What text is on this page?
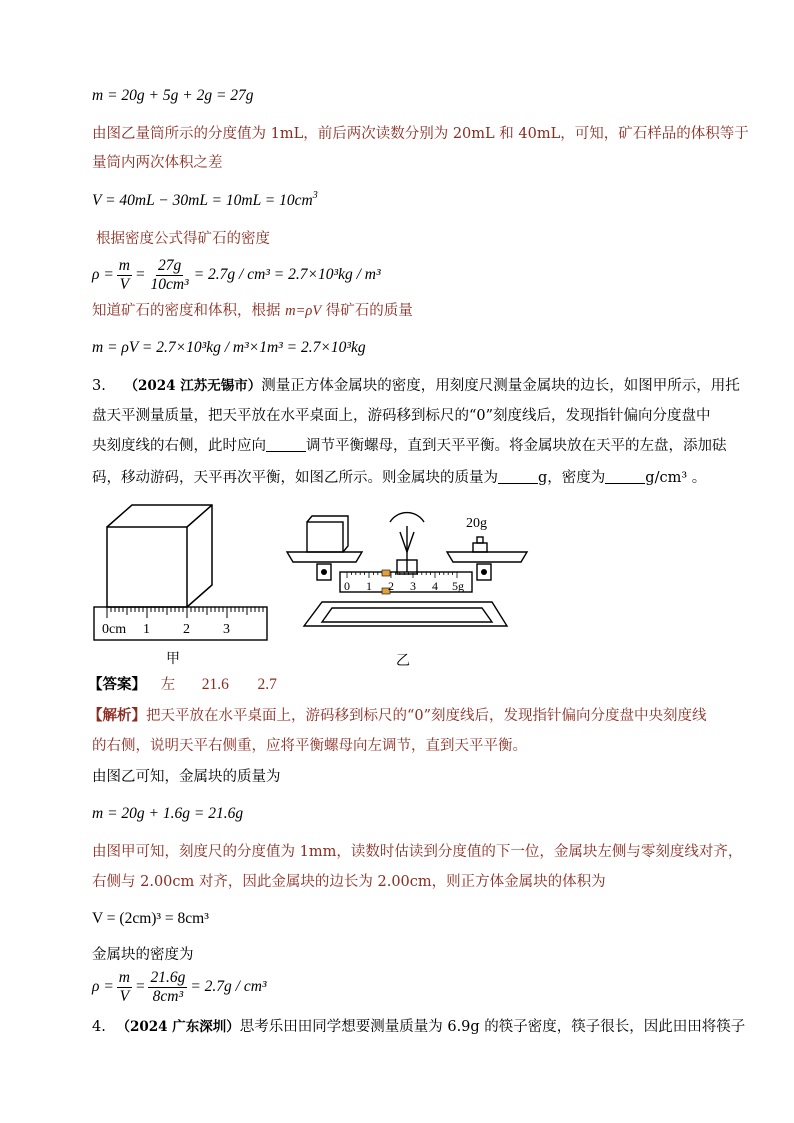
m = 20g + 5g + 2g = 27g
由图乙量筒所示的分度值为 1mL，前后两次读数分别为 20mL 和 40mL，可知，矿石样品的体积等于
量筒内两次体积之差
$V = 40mL - 30mL = 10mL = 10cm^3$
根据密度公式得矿石的密度
$\rho = \frac{m}{V} = \frac{27g}{\text{10cm³}} = 2.7g / cm^3 = 2.7\times 10^3kg / m^3$
知道矿石的密度和体积，根据 m=ρV 得矿石的质量
m = ρV = 2.7×10³kg / m³×1m³ = 2.7×10³kg
3. （2024 江苏无锡市）测量正方体金属块的密度，用刻度尺测量金属块的边长，如图甲所示，用托
盘天平测量质量，把天平放在水平桌面上，游码移到标尺的“0”刻度线后，发现指针偏向分度盘中
央刻度线的右侧，此时应向	调节平衡螺母，直到天平平衡。将金属块放在天平的左盘，添加砝
码，移动游码，天平再次平衡，如图乙所示。则金属块的质量为	g，密度为	g/cm³ 。
0cm 1 2 3
甲
0 1 2 3 4 5g
20g
乙
【答案】 左 21.6 2.7
【解析】把天平放在水平桌面上，游码移到标尺的“0”刻度线后，发现指针偏向分度盘中央刻度线
的右侧，说明天平右侧重，应将平衡螺母向左调节，直到天平平衡。
由图乙可知，金属块的质量为
m = 20g + 1.6g = 21.6g
由图甲可知，刻度尺的分度值为 1mm，读数时估读到分度值的下一位，金属块左侧与零刻度线对齐，
右侧与 2.00cm 对齐，因此金属块的边长为 2.00cm，则正方体金属块的体积为
V = (2cm)³ = 8cm³
金属块的密度为
$\rho = \frac{m}{V} = \frac{21.6g}{\text{8cm³}} = 2.7g / cm^3$
4. （2024 广东深圳）思考乐田田同学想要测量质量为 6.9g 的筷子密度，筷子很长，因此田田将筷子
